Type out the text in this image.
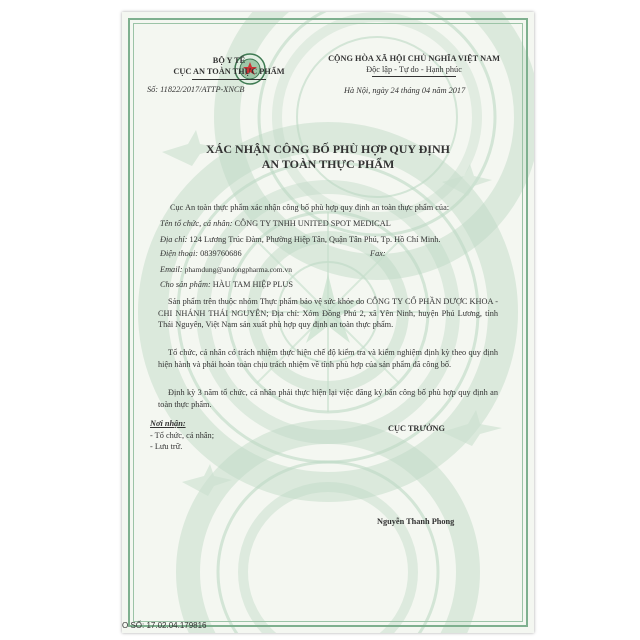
BỘ Y TẾ
CỤC AN TOÀN THỰC PHẨM
Số: 11822/2017/ATTP-XNCB
CỘNG HÒA XÃ HỘI CHỦ NGHĨA VIỆT NAM
Độc lập - Tự do - Hạnh phúc
Hà Nội, ngày 24 tháng 04 năm 2017
XÁC NHẬN CÔNG BỐ PHÙ HỢP QUY ĐỊNH
AN TOÀN THỰC PHẨM
Cục An toàn thực phẩm xác nhận công bố phù hợp quy định an toàn thực phẩm của:
Tên tổ chức, cá nhân: CÔNG TY TNHH UNITED SPOT MEDICAL
Địa chỉ: 124 Lương Trúc Đàm, Phường Hiệp Tân, Quận Tân Phú, Tp. Hồ Chí Minh.
Điện thoại: 0839760686	Fax:
Email: phamdung@andongpharma.com.vn
Cho sản phẩm: HÀU TAM HIỆP PLUS
Sản phẩm trên thuộc nhóm Thực phẩm bảo vệ sức khỏe do CÔNG TY CỔ PHẦN DƯỢC KHOA - CHI NHÁNH THÁI NGUYÊN; Địa chỉ: Xóm Đồng Phú 2, xã Yên Ninh, huyện Phú Lương, tỉnh Thái Nguyên, Việt Nam sản xuất phù hợp quy định an toàn thực phẩm.
Tổ chức, cá nhân có trách nhiệm thực hiện chế độ kiểm tra và kiểm nghiệm định kỳ theo quy định hiện hành và phải hoàn toàn chịu trách nhiệm về tính phù hợp của sản phẩm đã công bố.
Định kỳ 3 năm tổ chức, cá nhân phải thực hiện lại việc đăng ký bản công bố phù hợp quy định an toàn thực phẩm.
Nơi nhận:
- Tổ chức, cá nhân;
- Lưu trữ.
CỤC TRƯỞNG
Nguyễn Thanh Phong
O SỐ: 17.02.04.179816
